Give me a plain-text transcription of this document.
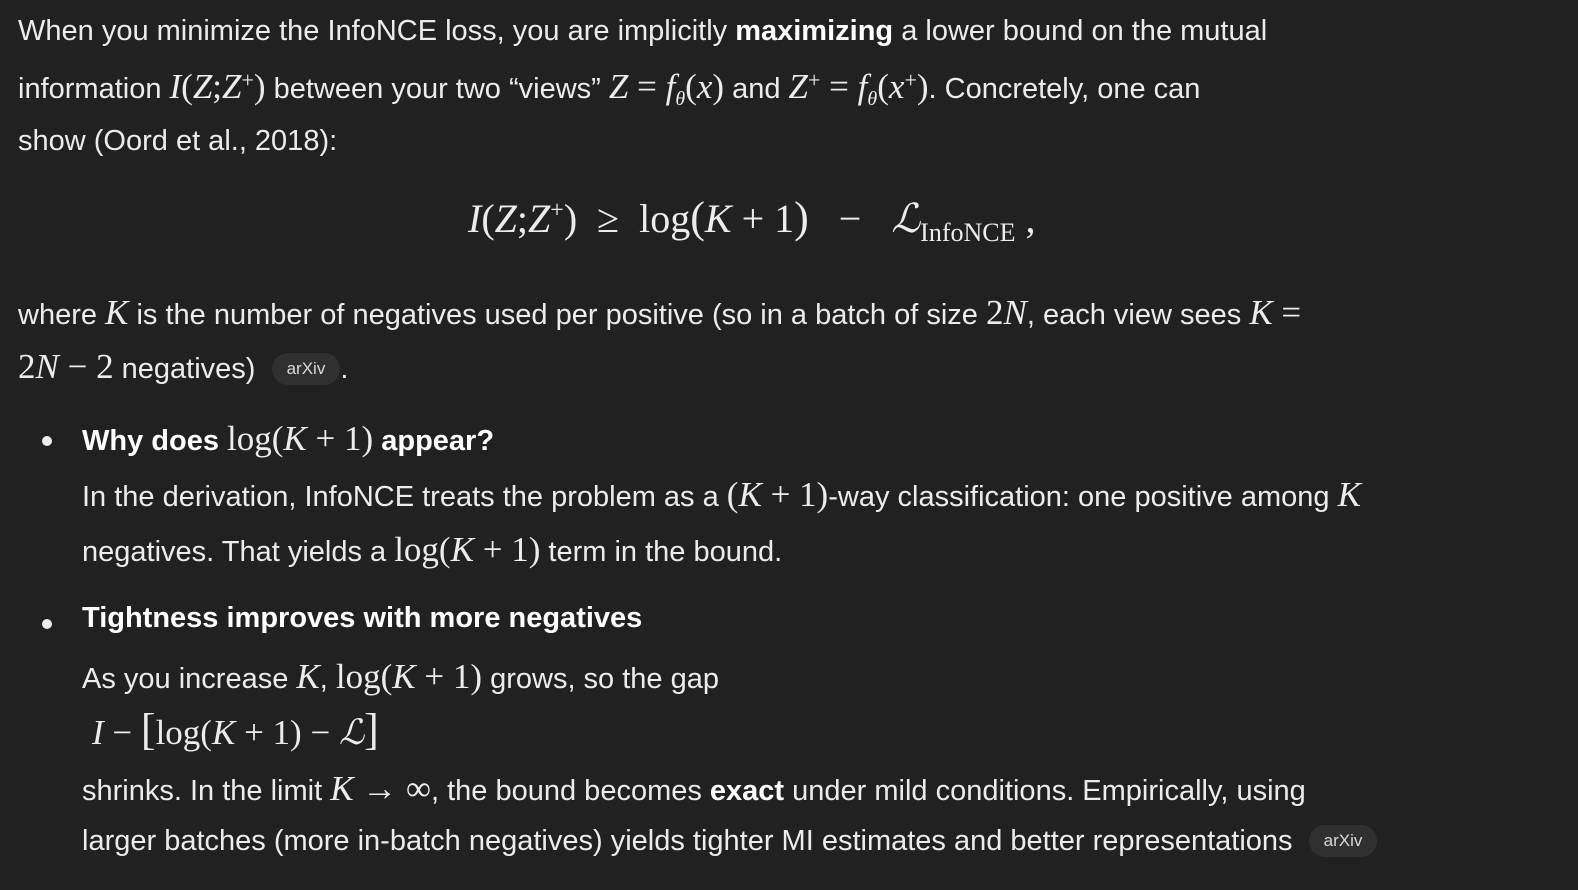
When you minimize the InfoNCE loss, you are implicitly maximizing a lower bound on the mutual
information I(Z;Z+) between your two “views” $Z = f_\theta(x)$ and $Z^+ = f_\theta(x^+)$. Concretely, one can
show (Oord et al., 2018):
I(Z;Z+)  ≥ log(K + 1) − ℒ$_{InfoNCE}$ ,
where K is the number of negatives used per positive (so in a batch of size 2N, each view sees K =
2N − 2 negatives) arXiv .
Why does log(K + 1) appear?
In the derivation, InfoNCE treats the problem as a (K + 1)-way classification: one positive among K
negatives. That yields a log(K + 1) term in the bound.
Tightness improves with more negatives
As you increase K, log(K + 1) grows, so the gap
I − [log(K + 1) − ℒ]
shrinks. In the limit K → ∞, the bound becomes exact under mild conditions. Empirically, using
larger batches (more in-batch negatives) yields tighter MI estimates and better representations arXiv
